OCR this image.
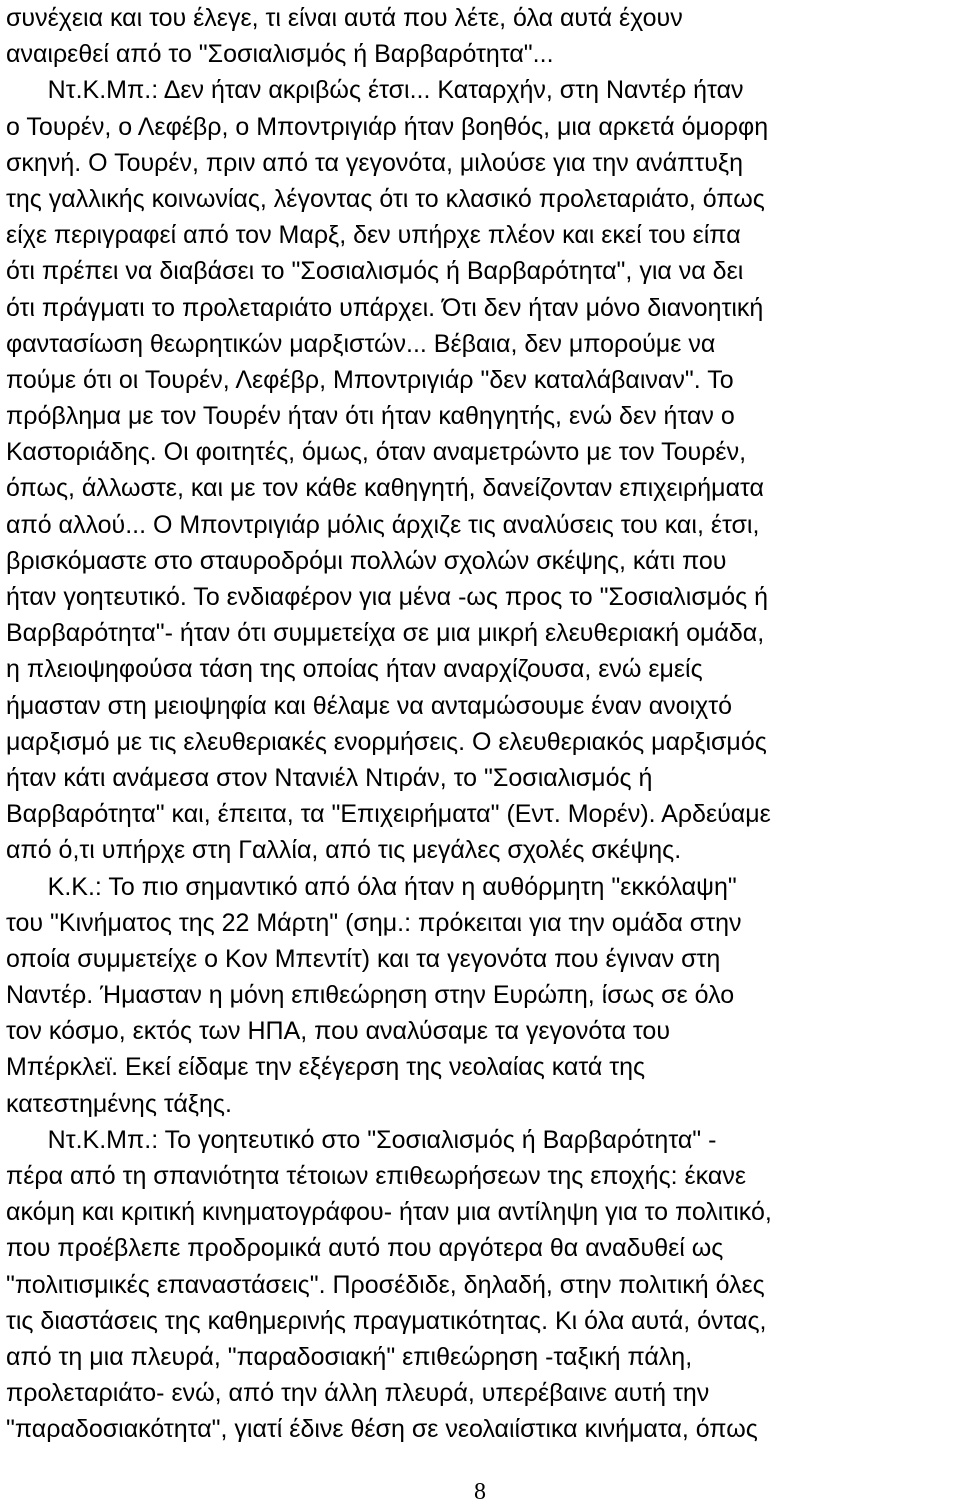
συνέχεια και του έλεγε, τι είναι αυτά που λέτε, όλα αυτά έχουν
αναιρεθεί από το "Σοσιαλισμός ή Βαρβαρότητα"...
Ντ.Κ.Μπ.: Δεν ήταν ακριβώς έτσι... Καταρχήν, στη Ναντέρ ήταν
ο Τουρέν, ο Λεφέβρ, ο Μποντριγιάρ ήταν βοηθός, μια αρκετά όμορφη
σκηνή. Ο Τουρέν, πριν από τα γεγονότα, μιλούσε για την ανάπτυξη
της γαλλικής κοινωνίας, λέγοντας ότι το κλασικό προλεταριάτο, όπως
είχε περιγραφεί από τον Μαρξ, δεν υπήρχε πλέον και εκεί του είπα
ότι πρέπει να διαβάσει το "Σοσιαλισμός ή Βαρβαρότητα", για να δει
ότι πράγματι το προλεταριάτο υπάρχει. Ότι δεν ήταν μόνο διανοητική
φαντασίωση θεωρητικών μαρξιστών... Βέβαια, δεν μπορούμε να
πούμε ότι οι Τουρέν, Λεφέβρ, Μποντριγιάρ "δεν καταλάβαιναν". Το
πρόβλημα με τον Τουρέν ήταν ότι ήταν καθηγητής, ενώ δεν ήταν ο
Καστοριάδης. Οι φοιτητές, όμως, όταν αναμετρώντο με τον Τουρέν,
όπως, άλλωστε, και με τον κάθε καθηγητή, δανείζονταν επιχειρήματα
από αλλού... Ο Μποντριγιάρ μόλις άρχιζε τις αναλύσεις του και, έτσι,
βρισκόμαστε στο σταυροδρόμι πολλών σχολών σκέψης, κάτι που
ήταν γοητευτικό. Το ενδιαφέρον για μένα -ως προς το "Σοσιαλισμός ή
Βαρβαρότητα"- ήταν ότι συμμετείχα σε μια μικρή ελευθεριακή ομάδα,
η πλειοψηφούσα τάση της οποίας ήταν αναρχίζουσα, ενώ εμείς
ήμασταν στη μειοψηφία και θέλαμε να ανταμώσουμε έναν ανοιχτό
μαρξισμό με τις ελευθεριακές ενορμήσεις. Ο ελευθεριακός μαρξισμός
ήταν κάτι ανάμεσα στον Ντανιέλ Ντιράν, το "Σοσιαλισμός ή
Βαρβαρότητα" και, έπειτα, τα "Επιχειρήματα" (Εντ. Μορέν). Αρδεύαμε
από ό,τι υπήρχε στη Γαλλία, από τις μεγάλες σχολές σκέψης.
Κ.Κ.: Το πιο σημαντικό από όλα ήταν η αυθόρμητη "εκκόλαψη"
του "Κινήματος της 22 Μάρτη" (σημ.: πρόκειται για την ομάδα στην
οποία συμμετείχε ο Κον Μπεντίτ) και τα γεγονότα που έγιναν στη
Ναντέρ. Ήμασταν η μόνη επιθεώρηση στην Ευρώπη, ίσως σε όλο
τον κόσμο, εκτός των ΗΠΑ, που αναλύσαμε τα γεγονότα του
Μπέρκλεϊ. Εκεί είδαμε την εξέγερση της νεολαίας κατά της
κατεστημένης τάξης.
Ντ.Κ.Μπ.: Το γοητευτικό στο "Σοσιαλισμός ή Βαρβαρότητα" -
πέρα από τη σπανιότητα τέτοιων επιθεωρήσεων της εποχής: έκανε
ακόμη και κριτική κινηματογράφου- ήταν μια αντίληψη για το πολιτικό,
που προέβλεπε προδρομικά αυτό που αργότερα θα αναδυθεί ως
"πολιτισμικές επαναστάσεις". Προσέδιδε, δηλαδή, στην πολιτική όλες
τις διαστάσεις της καθημερινής πραγματικότητας. Κι όλα αυτά, όντας,
από τη μια πλευρά, "παραδοσιακή" επιθεώρηση -ταξική πάλη,
προλεταριάτο- ενώ, από την άλλη πλευρά, υπερέβαινε αυτή την
"παραδοσιακότητα", γιατί έδινε θέση σε νεολαιίστικα κινήματα, όπως
8
